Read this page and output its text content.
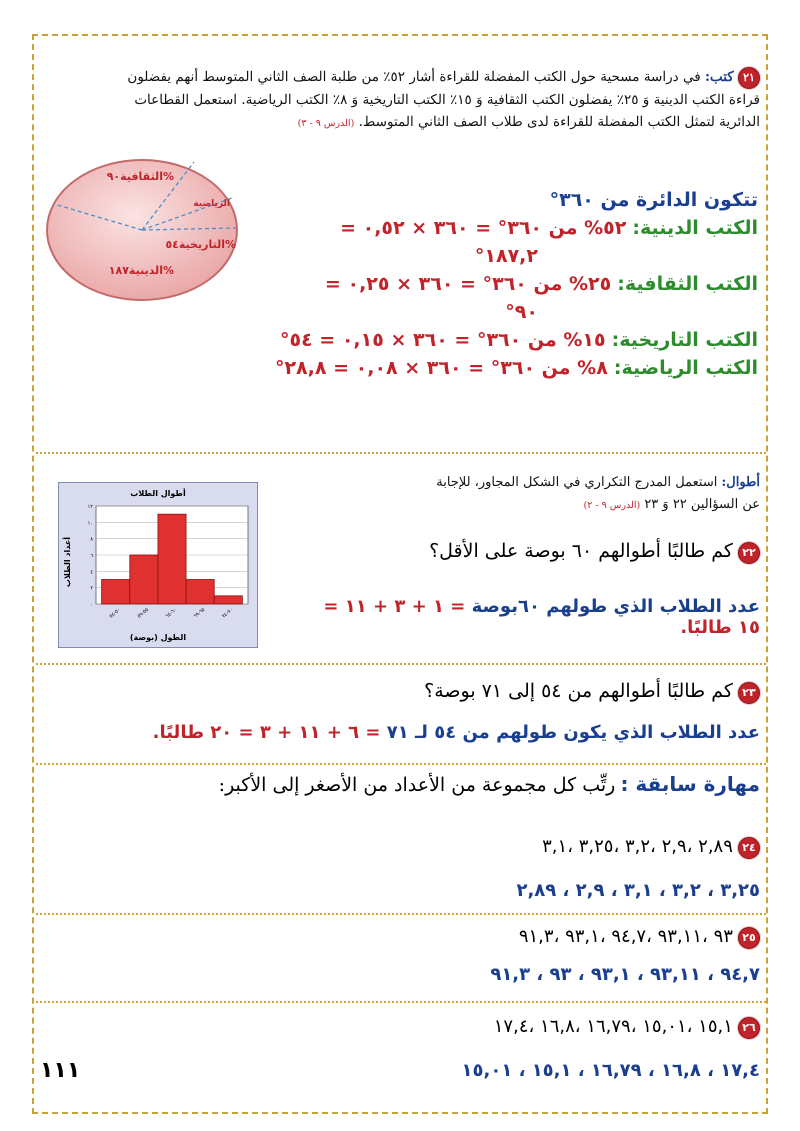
٢١ كتب: في دراسة مسحية حول الكتب المفضلة للقراءة أشار ٥٢٪ من طلبة الصف الثاني المتوسط أنهم يفضلون
قراءة الكتب الدينية وَ ٢٥٪ يفضلون الكتب الثقافية وَ ١٥٪ الكتب التاريخية وَ ٨٪ الكتب الرياضية. استعمل القطاعات
الدائرية لتمثل الكتب المفضلة للقراءة لدى طلاب الصف الثاني المتوسط. (الدرس ٩ - ٣)
الثقافية٩٠%
الرياضية
التاريخية٥٤%
الدينية١٨٧%
تتكون الدائرة من ٣٦٠°
الكتب الدينية: ٥٢% من ٣٦٠° = ٣٦٠ × ٠,٥٢ =
١٨٧,٢°
الكتب الثقافية: ٢٥% من ٣٦٠° = ٣٦٠ × ٠,٢٥ =
٩٠°
الكتب التاريخية: ١٥% من ٣٦٠° = ٣٦٠ × ٠,١٥ = ٥٤°
الكتب الرياضية: ٨% من ٣٦٠° = ٣٦٠ × ٠,٠٨ = ٢٨,٨°
أطوال: استعمل المدرج التكراري في الشكل المجاور، للإجابة
عن السؤالين ٢٢ وَ ٢٣ (الدرس ٩ - ٢)
أطوال الطلاب
٠
٢
٤
٦
٨
١٠
١٢
٥٠-٥٤
٥٥-٥٩
٦٠-٦٤
٦٥-٦٩
٧٠-٧٤
الطول (بوصة)
أعداد الطلاب	٢٢ كم طالبًا أطوالهم ٦٠ بوصة على الأقل؟
عدد الطلاب الذي طولهم ٦٠بوصة = ١ + ٣ + ١١ =
١٥ طالبًا.
٢٣ كم طالبًا أطوالهم من ٥٤ إلى ٧١ بوصة؟
عدد الطلاب الذي يكون طولهم من ٥٤ لـ ٧١ = ٦ + ١١ + ٣ = ٢٠ طالبًا.
مهارة سابقة : رتِّب كل مجموعة من الأعداد من الأصغر إلى الأكبر:
٢٤ ٢,٨٩ ،٢,٩ ،٣,٢ ،٣,٢٥ ،٣,١
٣,٢٥ ، ٣,٢ ، ٣,١ ، ٢,٩ ، ٢,٨٩
٢٥ ٩٣ ،٩٣,١١ ،٩٤,٧ ،٩٣,١ ،٩١,٣
٩٤,٧ ، ٩٣,١١ ، ٩٣,١ ، ٩٣ ، ٩١,٣
٢٦ ١٥,١ ،١٥,٠١ ،١٦,٧٩ ،١٦,٨ ،١٧,٤
١٧,٤ ، ١٦,٨ ، ١٦,٧٩ ، ١٥,١ ، ١٥,٠١
١١١
